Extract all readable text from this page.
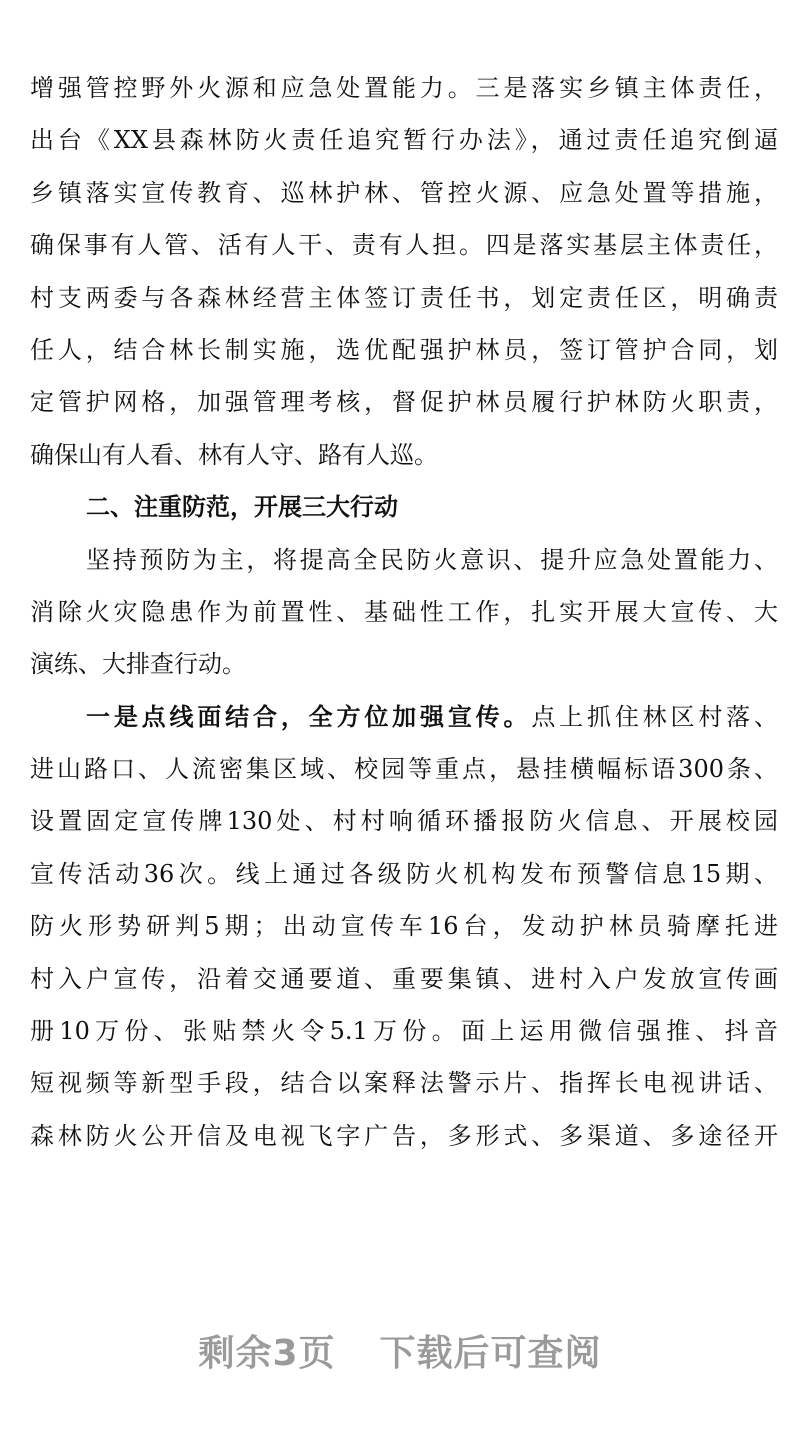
增强管控野外火源和应急处置能力。三是落实乡镇主体责任，
出台《XX县森林防火责任追究暂行办法》，通过责任追究倒逼
乡镇落实宣传教育、巡林护林、管控火源、应急处置等措施，
确保事有人管、活有人干、责有人担。四是落实基层主体责任，
村支两委与各森林经营主体签订责任书，划定责任区，明确责
任人，结合林长制实施，选优配强护林员，签订管护合同，划
定管护网格，加强管理考核，督促护林员履行护林防火职责，
确保山有人看、林有人守、路有人巡。
二、注重防范，开展三大行动
坚持预防为主，将提高全民防火意识、提升应急处置能力、
消除火灾隐患作为前置性、基础性工作，扎实开展大宣传、大
演练、大排查行动。
一是点线面结合，全方位加强宣传。点上抓住林区村落、
进山路口、人流密集区域、校园等重点，悬挂横幅标语300条、
设置固定宣传牌130处、村村响循环播报防火信息、开展校园
宣传活动36次。线上通过各级防火机构发布预警信息15期、
防火形势研判5期；出动宣传车16台，发动护林员骑摩托进
村入户宣传，沿着交通要道、重要集镇、进村入户发放宣传画
册10万份、张贴禁火令5.1万份。面上运用微信强推、抖音
短视频等新型手段，结合以案释法警示片、指挥长电视讲话、
森林防火公开信及电视飞字广告，多形式、多渠道、多途径开
剩余3页 下载后可查阅
